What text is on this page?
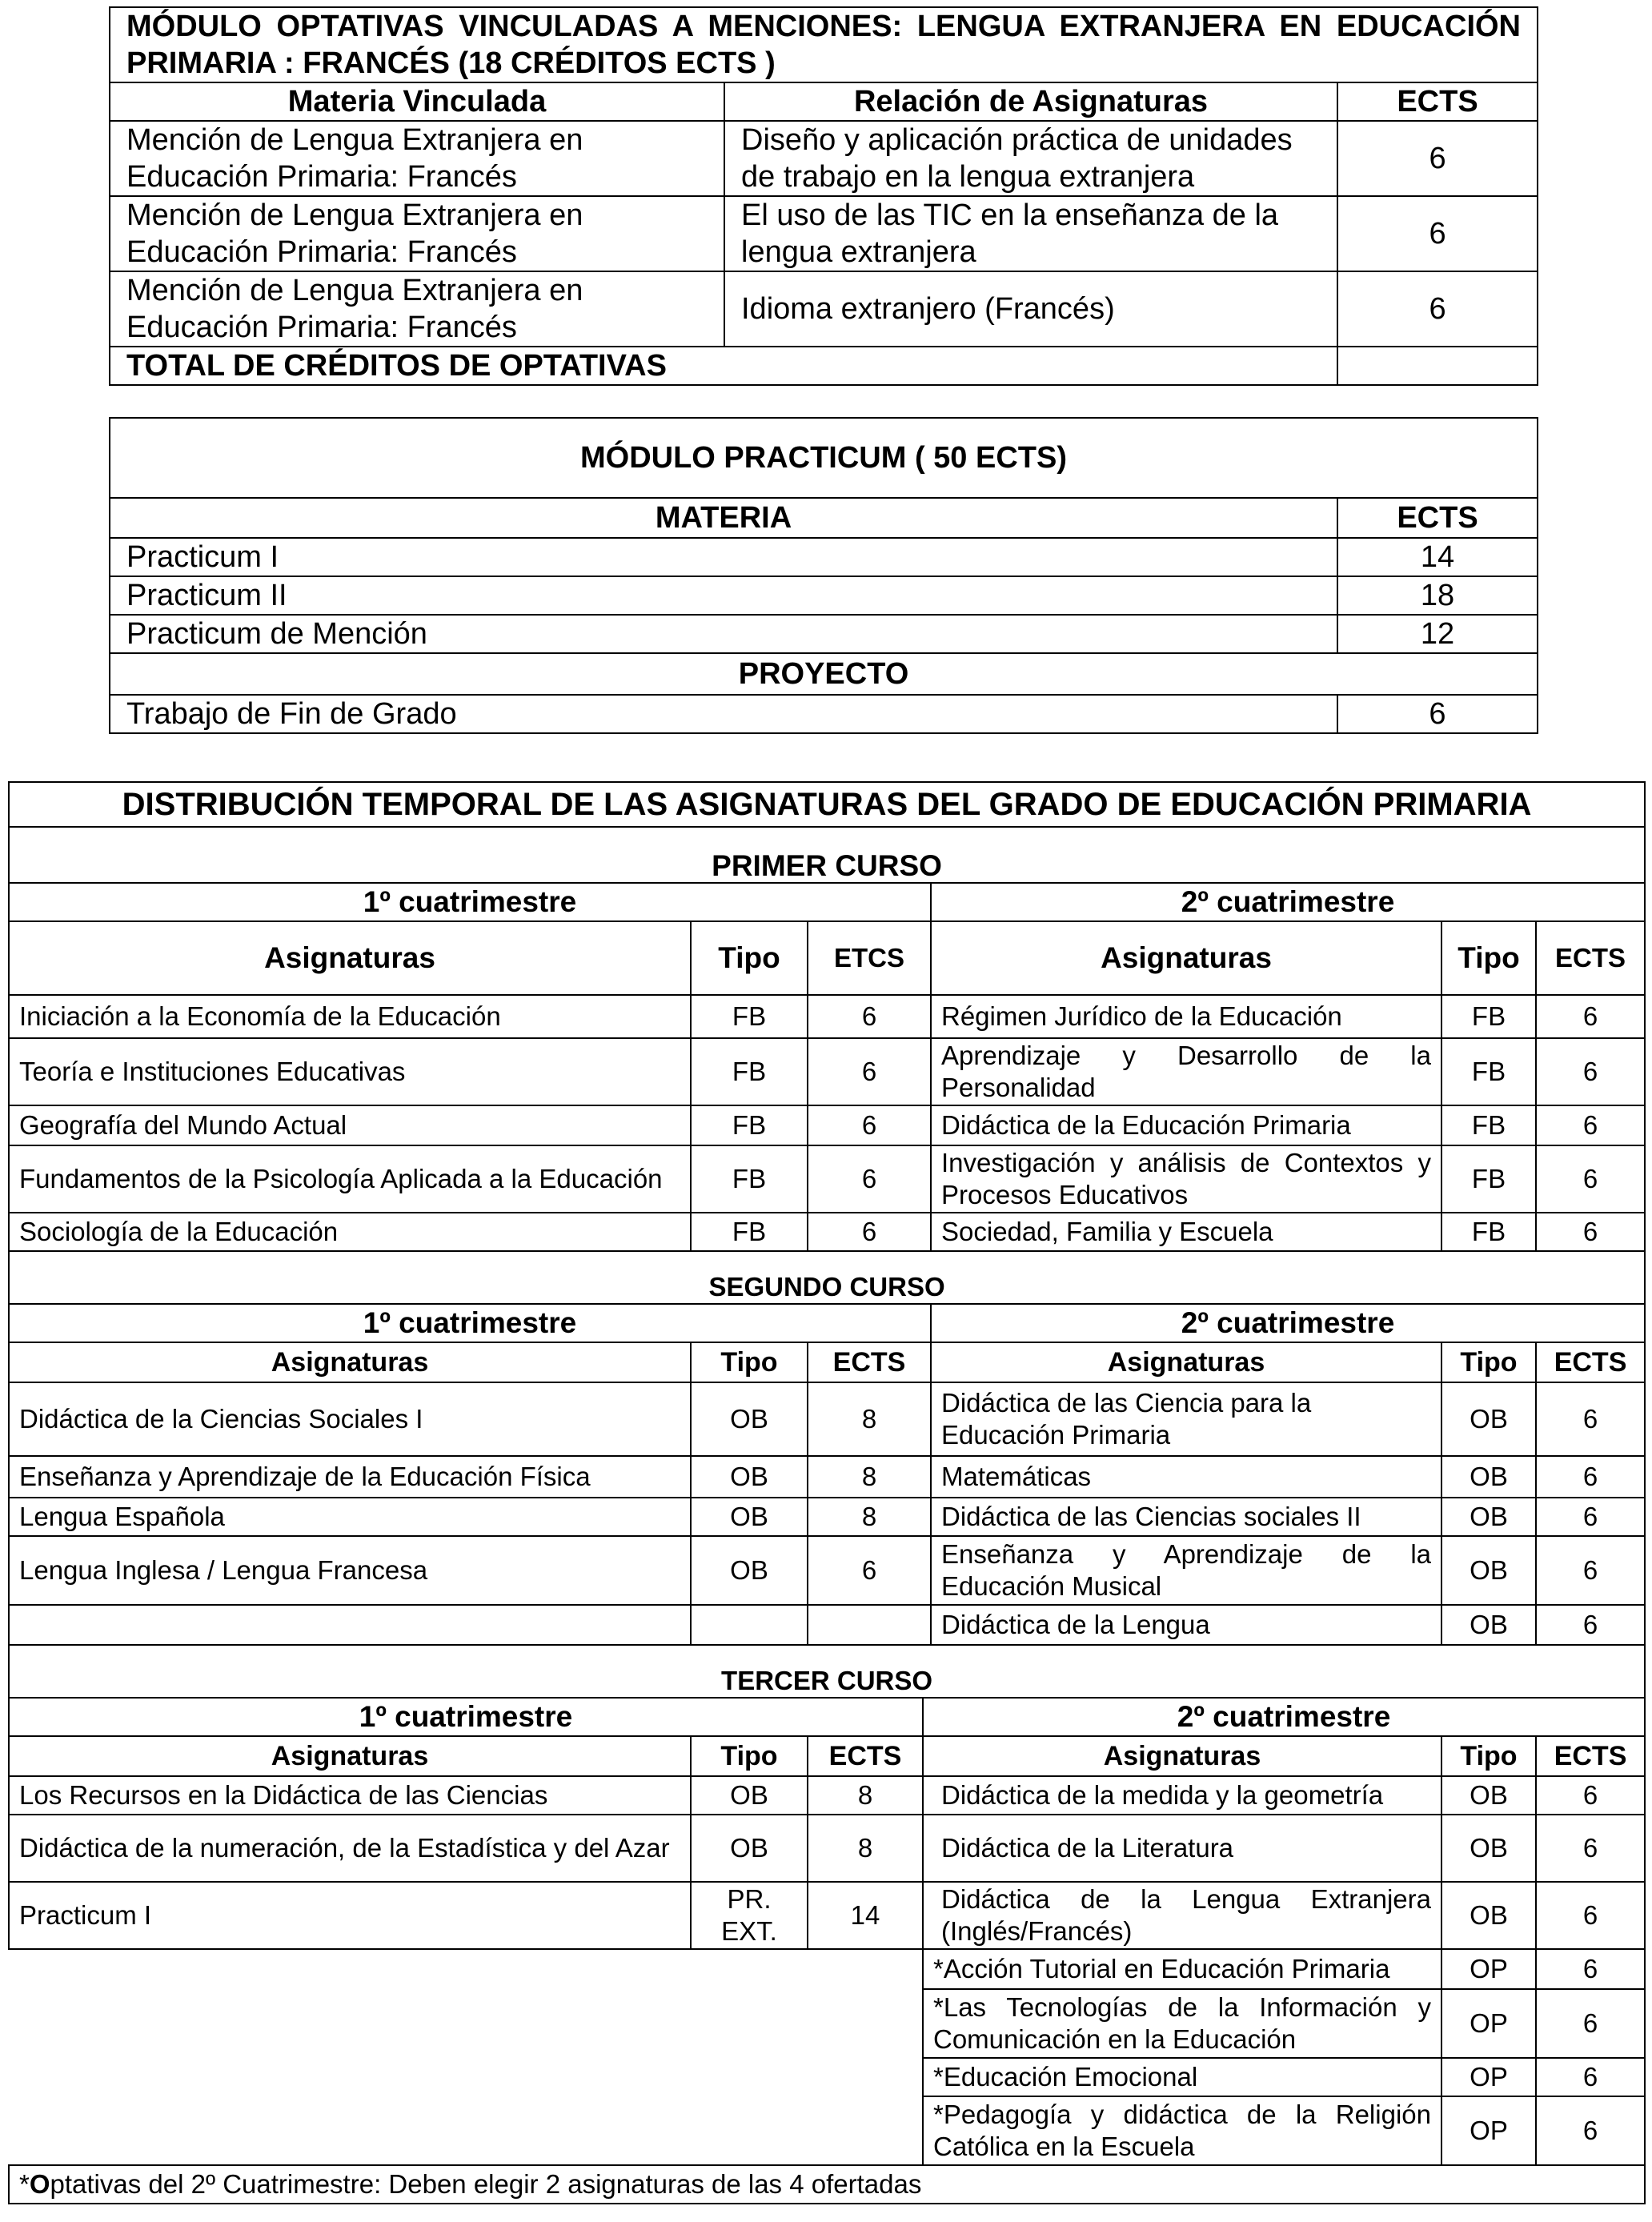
MÓDULO OPTATIVAS VINCULADAS A MENCIONES: LENGUA EXTRANJERA EN EDUCACIÓN PRIMARIA : FRANCÉS (18 CRÉDITOS ECTS )		
Materia Vinculada	Relación de Asignaturas	ECTS
Mención de Lengua Extranjera en Educación Primaria: Francés	Diseño y aplicación práctica de unidades de trabajo en la lengua extranjera	6
Mención de Lengua Extranjera en Educación Primaria: Francés	El uso de las TIC en la enseñanza de la lengua extranjera	6
Mención de Lengua Extranjera en Educación Primaria: Francés	Idioma extranjero (Francés)	6
TOTAL DE CRÉDITOS DE OPTATIVAS		
MÓDULO PRACTICUM ( 50 ECTS)	
MATERIA	ECTS
Practicum I	14
Practicum II	18
Practicum de Mención	12
PROYECTO	
Trabajo de Fin de Grado	6
DISTRIBUCIÓN TEMPORAL DE LAS ASIGNATURAS DEL GRADO DE EDUCACIÓN PRIMARIA						
PRIMER CURSO						
1º cuatrimestre				2º cuatrimestre		
Asignaturas	Tipo	ETCS		Asignaturas	Tipo	ECTS
Iniciación a la Economía de la Educación	FB	6		Régimen Jurídico de la Educación	FB	6
Teoría e Instituciones Educativas	FB	6		Aprendizaje y Desarrollo de la Personalidad	FB	6
Geografía del Mundo Actual	FB	6		Didáctica de la Educación Primaria	FB	6
Fundamentos de la Psicología Aplicada a la Educación	FB	6		Investigación y análisis de Contextos y Procesos Educativos	FB	6
Sociología de la Educación	FB	6		Sociedad, Familia y Escuela	FB	6
SEGUNDO CURSO						
1º cuatrimestre				2º cuatrimestre		
Asignaturas	Tipo	ECTS		Asignaturas	Tipo	ECTS
Didáctica de la Ciencias Sociales I	OB	8		Didáctica de las Ciencia para la Educación Primaria	OB	6
Enseñanza y Aprendizaje de la Educación Física	OB	8		Matemáticas	OB	6
Lengua Española	OB	8		Didáctica de las Ciencias sociales II	OB	6
Lengua Inglesa / Lengua Francesa	OB	6		Enseñanza y Aprendizaje de la Educación Musical	OB	6
				Didáctica de la Lengua	OB	6
TERCER CURSO						
1º cuatrimestre			2º cuatrimestre			
Asignaturas	Tipo	ECTS	Asignaturas		Tipo	ECTS
Los Recursos en la Didáctica de las Ciencias	OB	8	Didáctica de la medida y la geometría		OB	6
Didáctica de la numeración, de la Estadística y del Azar	OB	8	Didáctica de la Literatura		OB	6
Practicum I	PR. EXT.	14	Didáctica de la Lengua Extranjera (Inglés/Francés)		OB	6
			*Acción Tutorial en Educación Primaria		OP	6
			*Las Tecnologías de la Información y Comunicación en la Educación		OP	6
			*Educación Emocional		OP	6
			*Pedagogía y didáctica de la Religión Católica en la Escuela		OP	6
*Optativas del 2º Cuatrimestre: Deben elegir 2 asignaturas de las 4 ofertadas						
